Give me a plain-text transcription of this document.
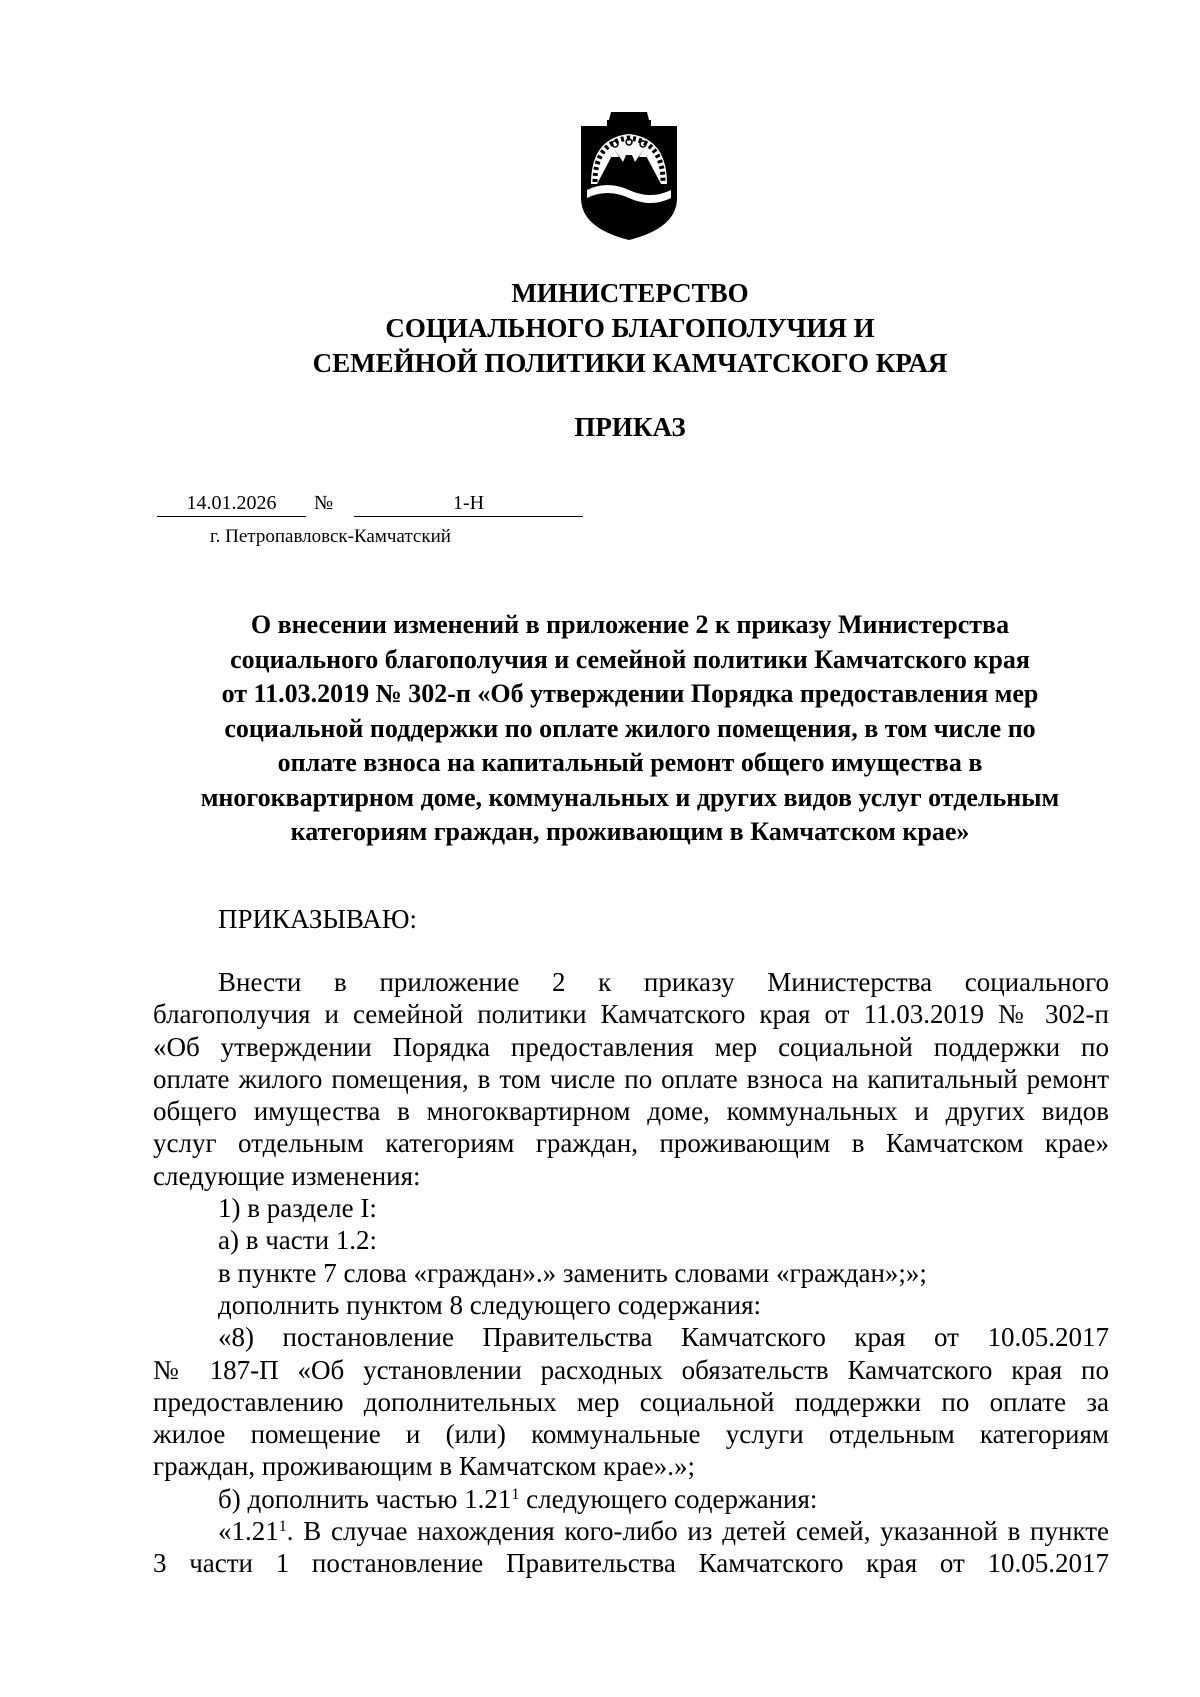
МИНИСТЕРСТВО
СОЦИАЛЬНОГО БЛАГОПОЛУЧИЯ И
СЕМЕЙНОЙ ПОЛИТИКИ КАМЧАТСКОГО КРАЯ
ПРИКАЗ
14.01.2026	№	1-Н
г. Петропавловск-Камчатский
О внесении изменений в приложение 2 к приказу Министерства
социального благополучия и семейной политики Камчатского края
от 11.03.2019 № 302-п «Об утверждении Порядка предоставления мер
социальной поддержки по оплате жилого помещения, в том числе по
оплате взноса на капитальный ремонт общего имущества в
многоквартирном доме, коммунальных и других видов услуг отдельным
категориям граждан, проживающим в Камчатском крае»
ПРИКАЗЫВАЮ:
Внести в приложение 2 к приказу Министерства социального
благополучия и семейной политики Камчатского края от 11.03.2019 № 302-п
«Об утверждении Порядка предоставления мер социальной поддержки по
оплате жилого помещения, в том числе по оплате взноса на капитальный ремонт
общего имущества в многоквартирном доме, коммунальных и других видов
услуг отдельным категориям граждан, проживающим в Камчатском крае»
следующие изменения:
1) в разделе I:
а) в части 1.2:
в пункте 7 слова «граждан».» заменить словами «граждан»;»;
дополнить пунктом 8 следующего содержания:
«8) постановление Правительства Камчатского края от 10.05.2017
№ 187-П «Об установлении расходных обязательств Камчатского края по
предоставлению дополнительных мер социальной поддержки по оплате за
жилое помещение и (или) коммунальные услуги отдельным категориям
граждан, проживающим в Камчатском крае».»;
б) дополнить частью 1.21$^1$ следующего содержания:
«1.21$^1$. В случае нахождения кого-либо из детей семей, указанной в пункте
3 части 1 постановление Правительства Камчатского края от 10.05.2017
